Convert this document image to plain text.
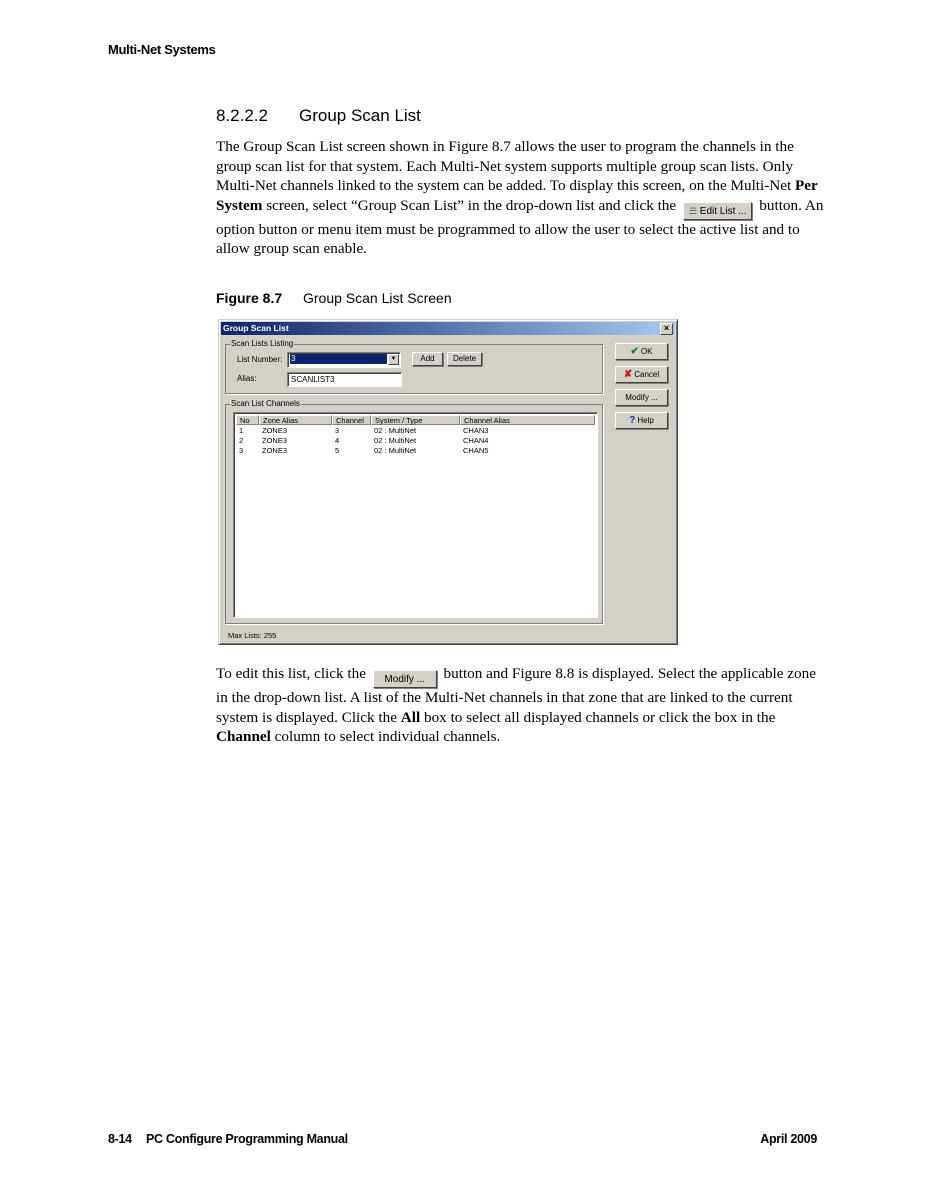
Multi-Net Systems
8.2.2.2 Group Scan List
The Group Scan List screen shown in Figure 8.7 allows the user to program the channels in the group scan list for that system. Each Multi-Net system supports multiple group scan lists. Only Multi-Net channels linked to the system can be added. To display this screen, on the Multi-Net Per System screen, select “Group Scan List” in the drop-down list and click the ☰ Edit List ... button. An option button or menu item must be programmed to allow the user to select the active list and to allow group scan enable.
Figure 8.7 Group Scan List Screen
Group Scan List	×
Scan Lists Listing
List Number: 3	▼	Add	Delete
Alias:	SCANLIST3
Scan List Channels
No	Zone Alias	Channel	System / Type	Channel Alias
1	ZONE3	3	02 : MultiNet	CHAN3
2	ZONE3	4	02 : MultiNet	CHAN4
3	ZONE3	5	02 : MultiNet	CHAN5
✔ OK
✘ Cancel
Modify ...
? Help
Max Lists: 255
To edit this list, click the Modify ... button and Figure 8.8 is displayed. Select the applicable zone in the drop-down list. A list of the Multi-Net channels in that zone that are linked to the current system is displayed. Click the All box to select all displayed channels or click the box in the Channel column to select individual channels.
8-14 PC Configure Programming Manual	April 2009
